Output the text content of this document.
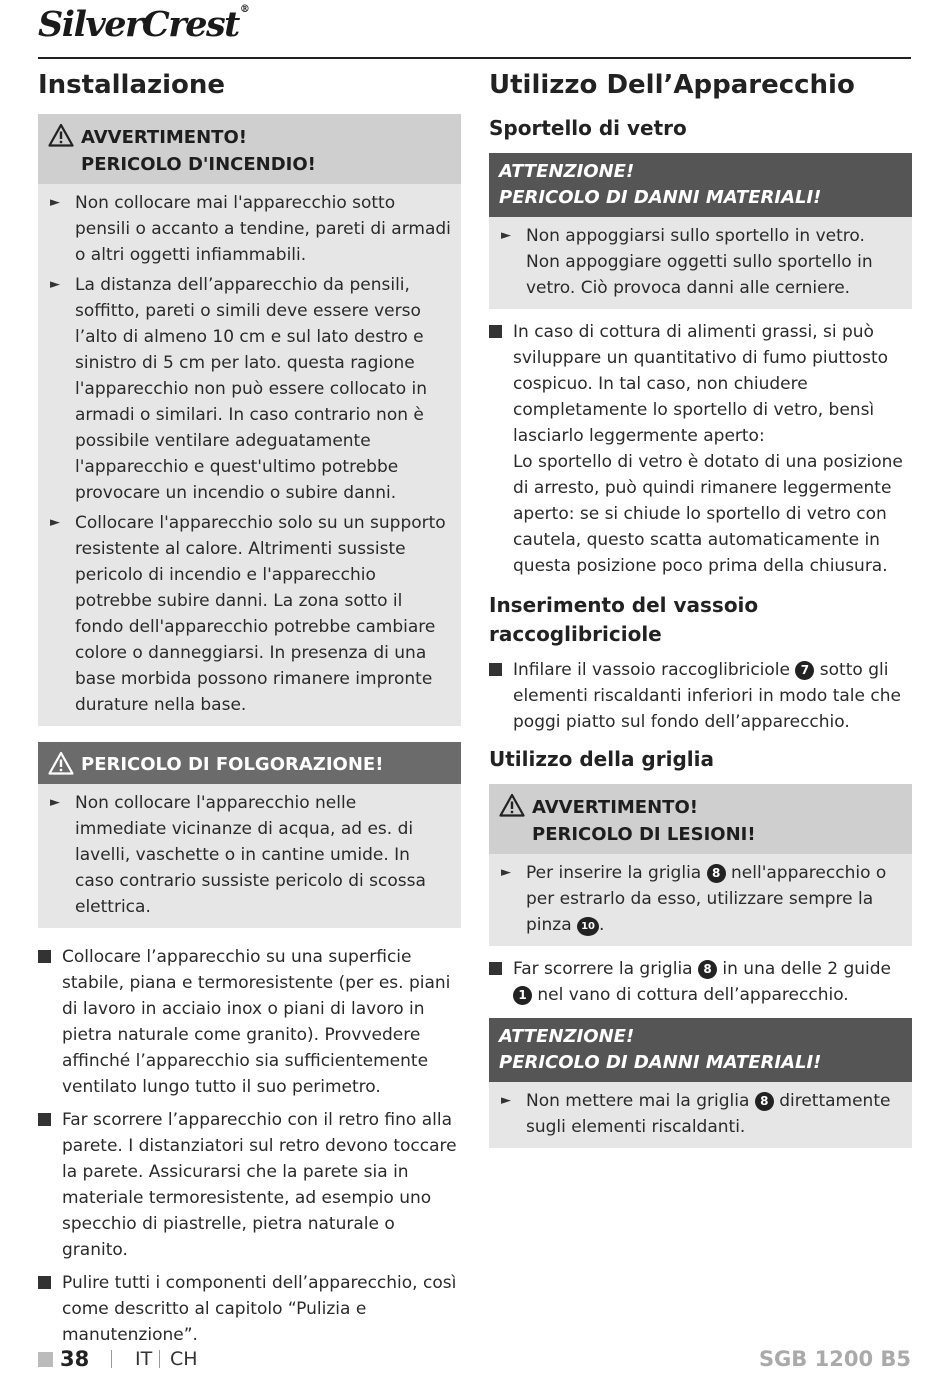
SilverCrest®
Installazione
AVVERTIMENTO!
PERICOLO D'INCENDIO!
► Non collocare mai l'apparecchio sotto pensili o accanto a tendine, pareti di armadi o altri oggetti infiammabili.
► La distanza dell’apparecchio da pensili, soffitto, pareti o simili deve essere verso l’alto di almeno 10 cm e sul lato destro e sinistro di 5 cm per lato. questa ragione l'apparecchio non può essere collocato in armadi o similari. In caso contrario non è possibile ventilare adeguatamente l'apparecchio e quest'ultimo potrebbe provocare un incendio o subire danni.
► Collocare l'apparecchio solo su un supporto resistente al calore. Altrimenti sussiste pericolo di incendio e l'apparecchio potrebbe subire danni. La zona sotto il fondo dell'apparecchio potrebbe cambiare colore o danneggiarsi. In presenza di una base morbida possono rimanere impronte durature nella base.
PERICOLO DI FOLGORAZIONE!
► Non collocare l'apparecchio nelle immediate vicinanze di acqua, ad es. di lavelli, vaschette o in cantine umide. In caso contrario sussiste pericolo di scossa elettrica.
Collocare l’apparecchio su una superficie stabile, piana e termoresistente (per es. piani di lavoro in acciaio inox o piani di lavoro in pietra naturale come granito). Provvedere affinché l’apparecchio sia sufficientemente ventilato lungo tutto il suo perimetro.
Far scorrere l’apparecchio con il retro fino alla parete. I distanziatori sul retro devono toccare la parete. Assicurarsi che la parete sia in materiale termoresistente, ad esempio uno specchio di piastrelle, pietra naturale o granito.
Pulire tutti i componenti dell’apparecchio, così come descritto al capitolo “Pulizia e manutenzione”.
Utilizzo Dell’Apparecchio
Sportello di vetro
ATTENZIONE!
PERICOLO DI DANNI MATERIALI!
► Non appoggiarsi sullo sportello in vetro. Non appoggiare oggetti sullo sportello in vetro. Ciò provoca danni alle cerniere.
In caso di cottura di alimenti grassi, si può sviluppare un quantitativo di fumo piuttosto cospicuo. In tal caso, non chiudere completamente lo sportello di vetro, bensì lasciarlo leggermente aperto:
Lo sportello di vetro è dotato di una posizione di arresto, può quindi rimanere leggermente aperto: se si chiude lo sportello di vetro con cautela, questo scatta automaticamente in questa posizione poco prima della chiusura.
Inserimento del vassoio raccoglibriciole
Infilare il vassoio raccoglibriciole 7 sotto gli elementi riscaldanti inferiori in modo tale che poggi piatto sul fondo dell’apparecchio.
Utilizzo della griglia
AVVERTIMENTO!
PERICOLO DI LESIONI!
► Per inserire la griglia 8 nell'apparecchio o per estrarlo da esso, utilizzare sempre la pinza 10 .
Far scorrere la griglia 8 in una delle 2 guide 1 nel vano di cottura dell’apparecchio.
ATTENZIONE!
PERICOLO DI DANNI MATERIALI!
► Non mettere mai la griglia 8 direttamente sugli elementi riscaldanti.
38 IT CH	SGB 1200 B5
